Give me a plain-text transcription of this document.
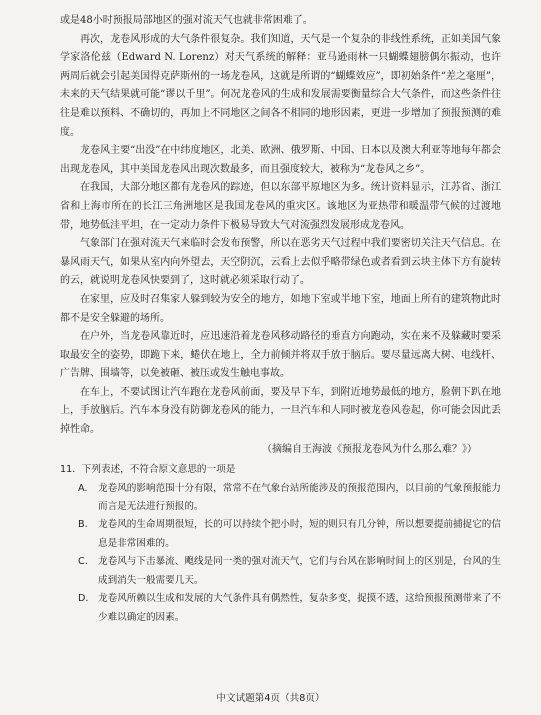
或是48小时预报局部地区的强对流天气也就非常困难了。

再次，龙卷风形成的大气条件很复杂。我们知道，天气是一个复杂的非线性系统，正如美国气象学家洛伦兹（Edward N. Lorenz）对天气系统的解释：亚马逊雨林一只蝴蝶翅膀偶尔振动，也许两周后就会引起美国得克萨斯州的一场龙卷风，这就是所谓的“蝴蝶效应”，即初始条件“差之毫厘”，未来的天气结果就可能“谬以千里”。何况龙卷风的生成和发展需要衡量综合大气条件，而这些条件往往是难以预料、不确切的，再加上不同地区之间各不相同的地形因素，更进一步增加了预报预测的难度。

龙卷风主要“出没”在中纬度地区，北美、欧洲、俄罗斯、中国、日本以及澳大利亚等地每年都会出现龙卷风，其中美国龙卷风出现次数最多，而且强度较大，被称为“龙卷风之乡”。

在我国，大部分地区都有龙卷风的踪迹，但以东部平原地区为多。统计资料显示，江苏省、浙江省和上海市所在的长江三角洲地区是我国龙卷风的重灾区。该地区为亚热带和暖温带气候的过渡地带，地势低洼平坦，在一定动力条件下极易导致大气对流强烈发展形成龙卷风。

气象部门在强对流天气来临时会发布预警，所以在恶劣天气过程中我们要密切关注天气信息。在暴风雨天气，如果从室内向外望去，天空阴沉，云看上去似乎略带绿色或者看到云块主体下方有旋转的云，就说明龙卷风快要到了，这时就必须采取行动了。

在家里，应及时召集家人躲到较为安全的地方，如地下室或半地下室，地面上所有的建筑物此时都不是安全躲避的场所。

在户外，当龙卷风靠近时，应迅速沿着龙卷风移动路径的垂直方向跑动，实在来不及躲藏时要采取最安全的姿势，即跪下来，蜷伏在地上，全力前倾并将双手放于脑后。要尽量远离大树、电线杆、广告牌、围墙等，以免被砸、被压或发生触电事故。

在车上，不要试图让汽车跑在龙卷风前面，要及早下车，到附近地势最低的地方，脸朝下趴在地上，手放脑后。汽车本身没有防御龙卷风的能力，一旦汽车和人同时被龙卷风卷起，你可能会因此丢掉性命。

（摘编自王海波《预报龙卷风为什么那么难？》）

11．下列表述，不符合原文意思的一项是

A.	龙卷风的影响范围十分有限，常常不在气象台站所能涉及的预报范围内，以目前的气象预报能力而言是无法进行预报的。
B.	龙卷风的生命周期很短，长的可以持续个把小时，短的则只有几分钟，所以想要提前捕捉它的信息是非常困难的。
C.	龙卷风与下击暴流、飑线是同一类的强对流天气，它们与台风在影响时间上的区别是，台风的生成到消失一般需要几天。
D. 龙卷风所赖以生成和发展的大气条件具有偶然性，复杂多变，捉摸不透，这给预报预测带来了不少难以确定的因素。
中文试题第4页（共8页）
